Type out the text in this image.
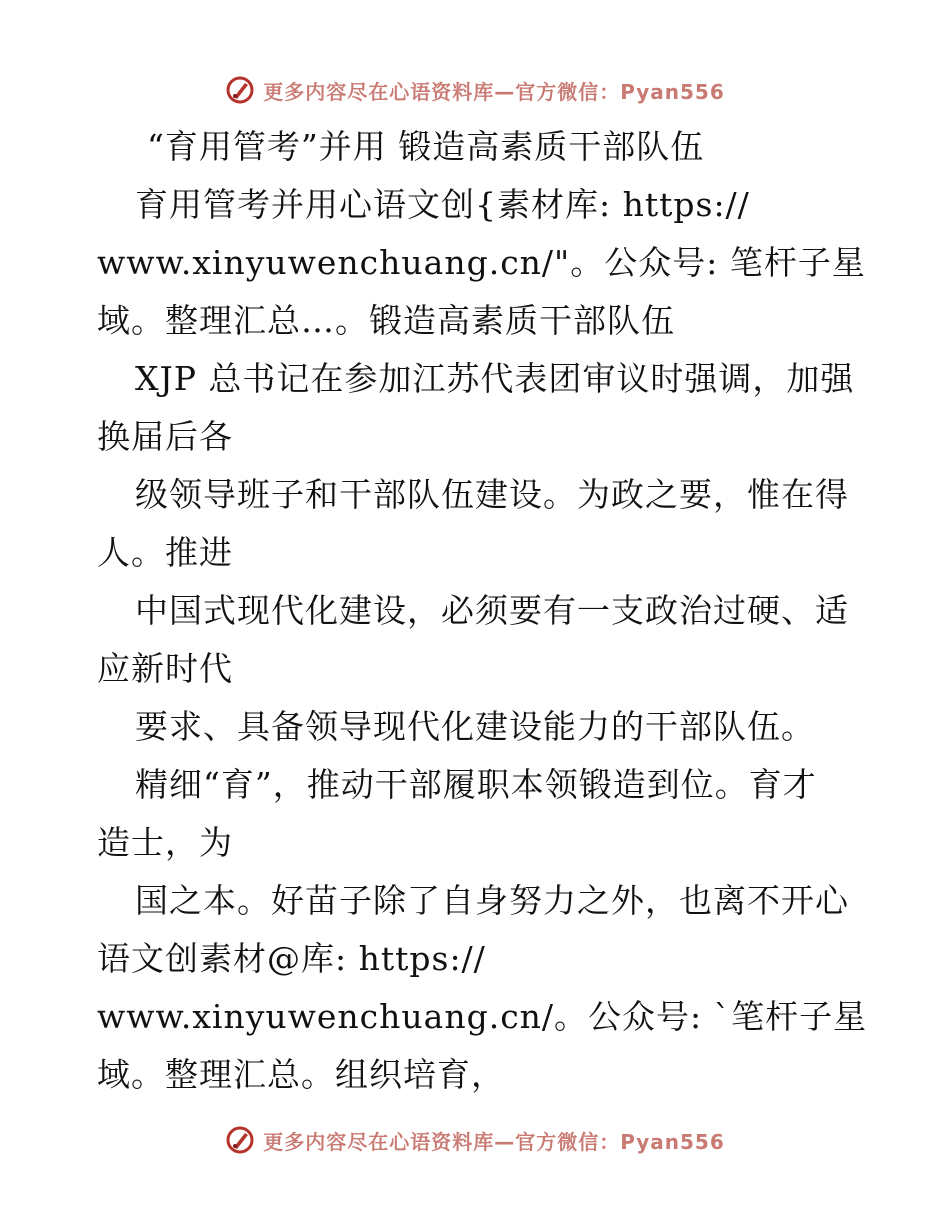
更多内容尽在心语资料库—官方微信：Pyan556
“育用管考”并用 锻造高素质干部队伍
育用管考并用心语文创{素材库: https://
www.xinyuwenchuang.cn/"。公众号: 笔杆子星
域。整理汇总…。锻造高素质干部队伍
XJP 总书记在参加江苏代表团审议时强调，加强
换届后各
级领导班子和干部队伍建设。为政之要，惟在得
人。推进
中国式现代化建设，必须要有一支政治过硬、适
应新时代
要求、具备领导现代化建设能力的干部队伍。
精细“育”，推动干部履职本领锻造到位。育才
造士，为
国之本。好苗子除了自身努力之外，也离不开心
语文创素材@库: https://
www.xinyuwenchuang.cn/。公众号: `笔杆子星
域。整理汇总。组织培育，
更多内容尽在心语资料库—官方微信：Pyan556
